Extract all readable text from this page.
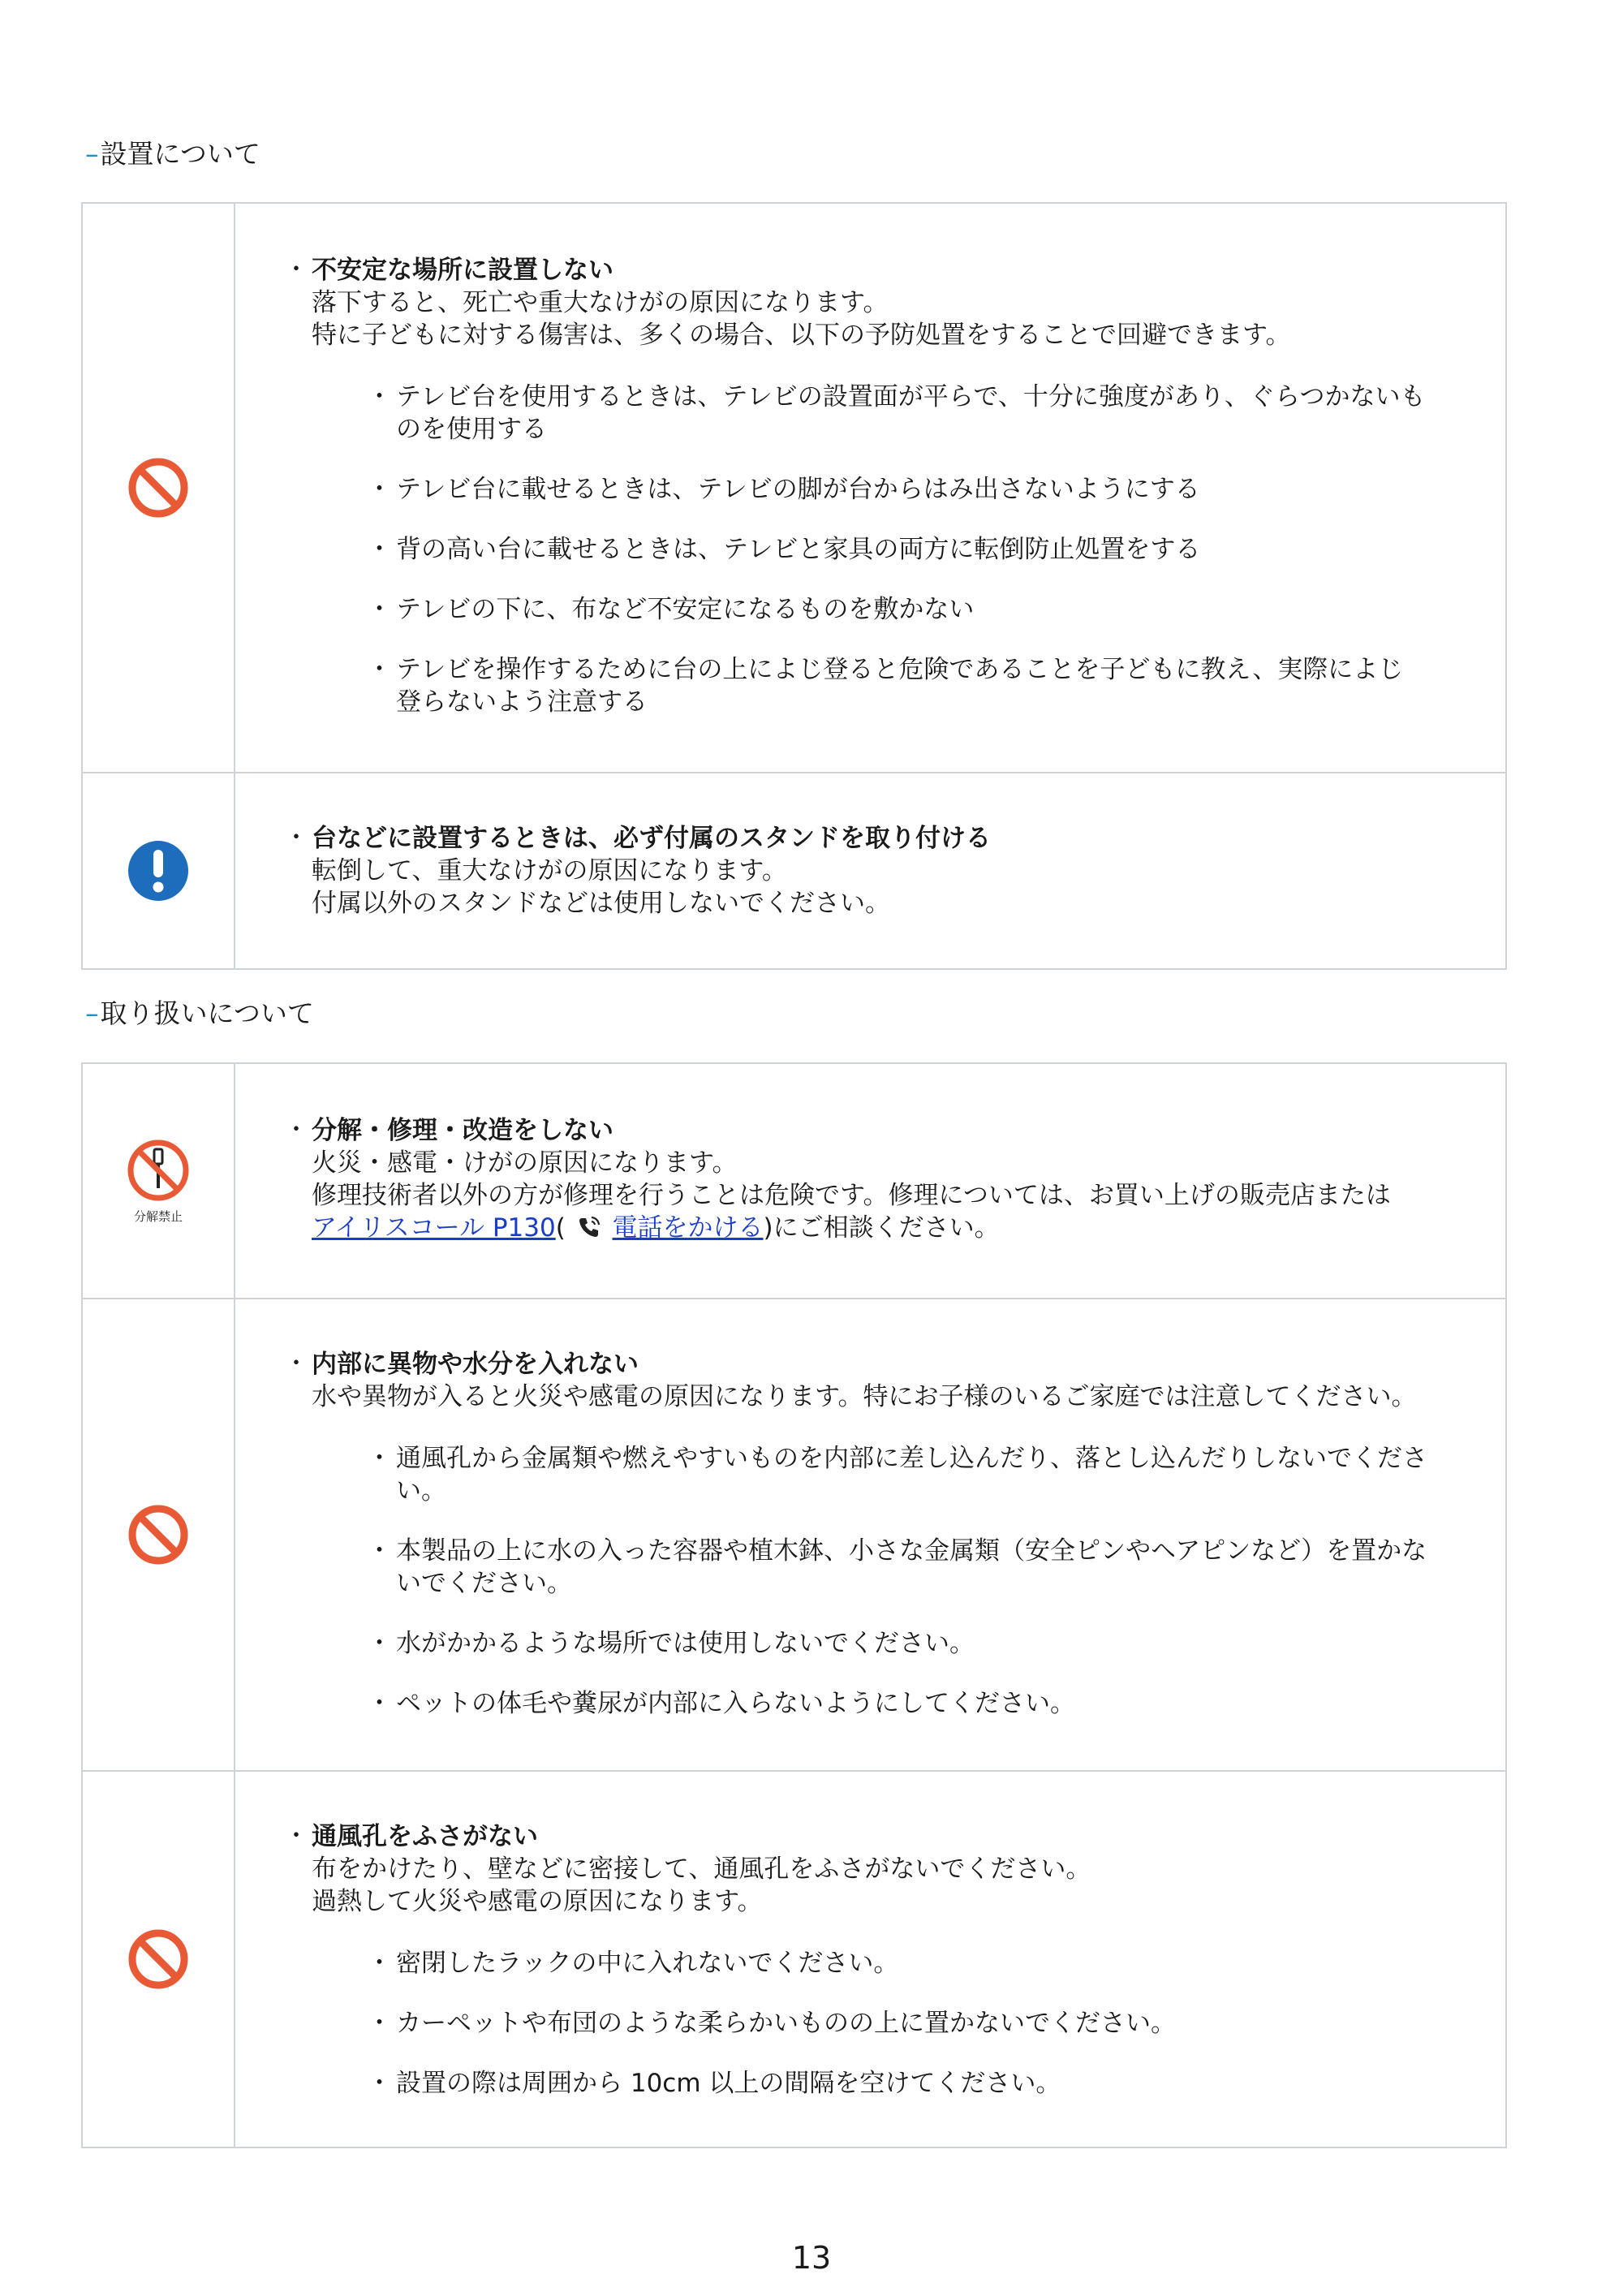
–設置について
・ 不安定な場所に設置しない
落下すると、死亡や重大なけがの原因になります。
特に子どもに対する傷害は、多くの場合、以下の予防処置をすることで回避できます。
・ テレビ台を使用するときは、テレビの設置面が平らで、十分に強度があり、ぐらつかないも
のを使用する
・ テレビ台に載せるときは、テレビの脚が台からはみ出さないようにする
・ 背の高い台に載せるときは、テレビと家具の両方に転倒防止処置をする
・ テレビの下に、布など不安定になるものを敷かない
・ テレビを操作するために台の上によじ登ると危険であることを子どもに教え、実際によじ
登らないよう注意する
・ 台などに設置するときは、必ず付属のスタンドを取り付ける
転倒して、重大なけがの原因になります。
付属以外のスタンドなどは使用しないでください。
–取り扱いについて
分解禁止
・ 分解・修理・改造をしない
火災・感電・けがの原因になります。
修理技術者以外の方が修理を行うことは危険です。修理については、お買い上げの販売店または
アイリスコール P130( 電話をかける)にご相談ください。
・ 内部に異物や水分を入れない
水や異物が入ると火災や感電の原因になります。特にお子様のいるご家庭では注意してください。
・ 通風孔から金属類や燃えやすいものを内部に差し込んだり、落とし込んだりしないでくださ
い。
・ 本製品の上に水の入った容器や植木鉢、小さな金属類（安全ピンやヘアピンなど）を置かな
いでください。
・ 水がかかるような場所では使用しないでください。
・ ペットの体毛や糞尿が内部に入らないようにしてください。
・ 通風孔をふさがない
布をかけたり、壁などに密接して、通風孔をふさがないでください。
過熱して火災や感電の原因になります。
・ 密閉したラックの中に入れないでください。
・ カーペットや布団のような柔らかいものの上に置かないでください。
・ 設置の際は周囲から 10cm 以上の間隔を空けてください。
13
